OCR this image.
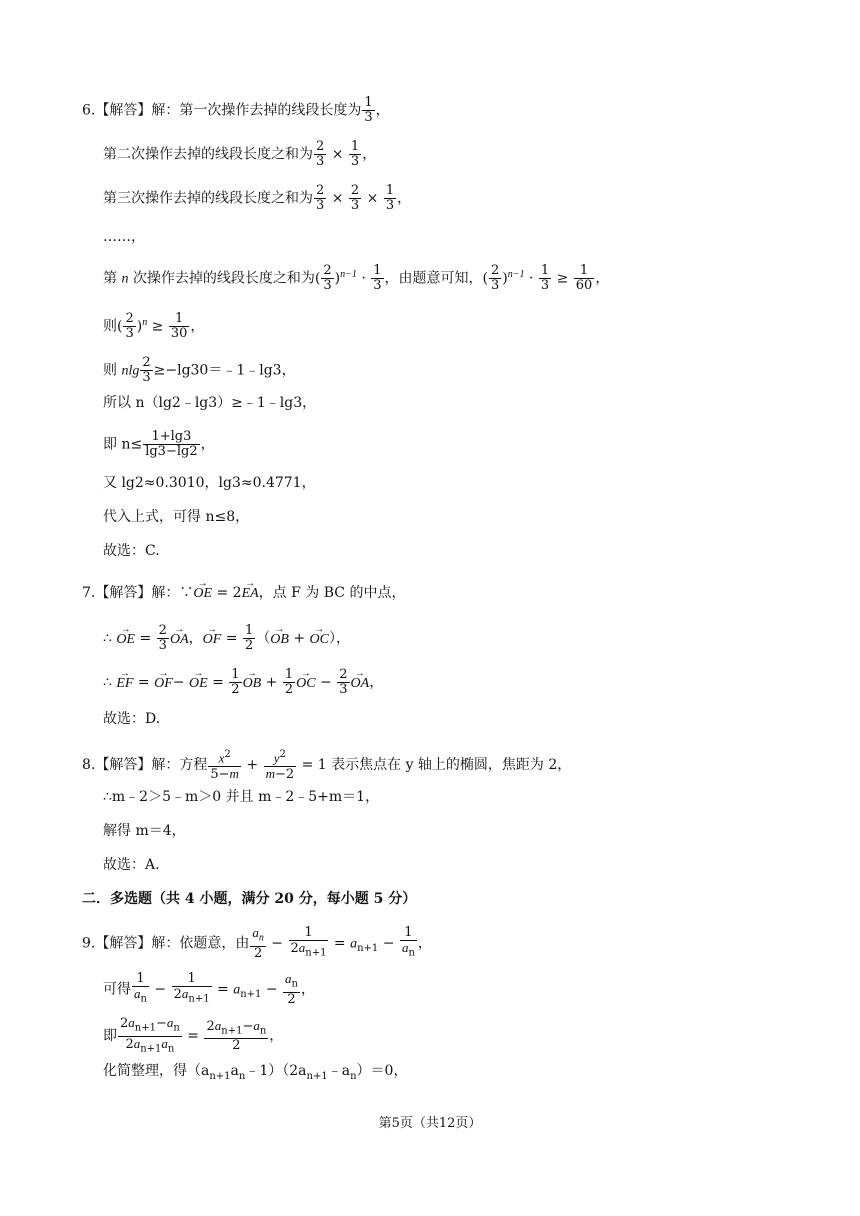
6.【解答】解：第一次操作去掉的线段长度为 $\frac{1}{3}$ ，
第二次操作去掉的线段长度之和为 $\frac{2}{3} \times \frac{1}{3}$ ，
第三次操作去掉的线段长度之和为 $\frac{2}{3} \times \frac{2}{3} \times \frac{1}{3}$ ，
……，
第 n 次操作去掉的线段长度之和为( $\frac{2}{3} )^{n-1} \cdot \frac{1}{3}$ ，由题意可知，( $\frac{2}{3} )^{n-1} \cdot \frac{1}{3} \ge \frac{1}{60}$ ，
则( $\frac{2}{3} )^n \ge \frac{1}{30}$ ，
则 nlg $\frac{2}{3}$ ≥−lg30＝﹣1﹣lg3，
所以 n（lg2﹣lg3）≥﹣1﹣lg3，
即 $n\le \frac{1+\lg 3}{\lg 3-\lg 2}$ ，
又 lg2≈0.3010，lg3≈0.4771，
代入上式，可得 n≤8，
故选：C.
7.【解答】解：∵→ OE = 2→ EA，点 F 为 BC 的中点，
∴ → OE = $\frac{2}{3}$ → OA，→ OF = $\frac{1}{2}$ （→ OB + → OC），
∴ → EF = → OF− → OE = $\frac{1}{2}$ → OB + $\frac{1}{2}$ → OC − $\frac{2}{3}$ → OA，
故选：D.
8.【解答】解：方程 $\frac{x^2}{5-m} + \frac{y^2}{m-2} = 1$ 表示焦点在 y 轴上的椭圆，焦距为 2，
∴m﹣2＞5﹣m＞0 并且 m﹣2﹣5+m＝1，
解得 m＝4，
故选：A.
二．多选题（共 4 小题，满分 20 分，每小题 5 分）
9.【解答】解：依题意，由 $\frac{a_n}{2} - \frac{1}{2a_{n+1}} = a_{n+1} - \frac{1}{a_n}$ ，
可得 $\frac{1}{a_n} - \frac{1}{2a_{n+1}} = a_{n+1} - \frac{a_n}{2}$ ，
即 $\frac{2a_{n+1}-a_n}{2a_{n+1}a_n} = \frac{2a_{n+1}-a_n}{2}$ ，
化简整理，得$(a_{n+1}a_n﹣1)(2a_{n+1}﹣a_n)=0$，
第5页（共12页）
